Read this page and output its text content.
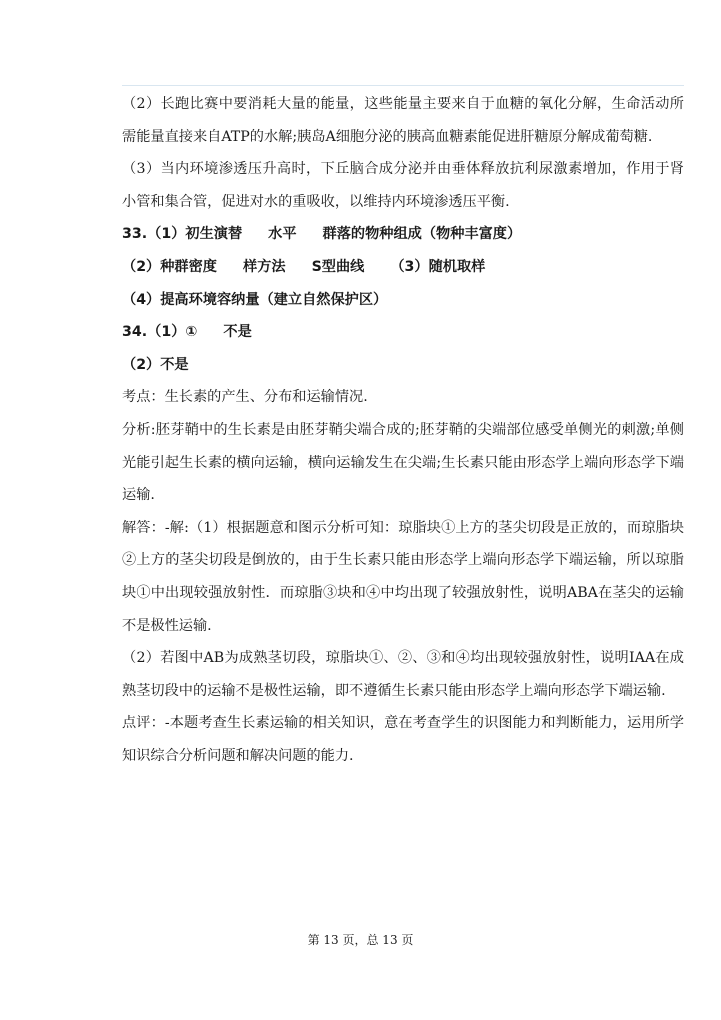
（2）长跑比赛中要消耗大量的能量，这些能量主要来自于血糖的氧化分解，生命活动所需能量直接来自ATP的水解;胰岛A细胞分泌的胰高血糖素能促进肝糖原分解成葡萄糖.

（3）当内环境渗透压升高时，下丘脑合成分泌并由垂体释放抗利尿激素增加，作用于肾小管和集合管，促进对水的重吸收，以维持内环境渗透压平衡.

33.（1）初生演替 水平 群落的物种组成（物种丰富度）

（2）种群密度 样方法 S型曲线 （3）随机取样

（4）提高环境容纳量（建立自然保护区）

34.（1）① 不是

（2）不是

考点：生长素的产生、分布和运输情况.

分析:胚芽鞘中的生长素是由胚芽鞘尖端合成的;胚芽鞘的尖端部位感受单侧光的刺激;单侧光能引起生长素的横向运输，横向运输发生在尖端;生长素只能由形态学上端向形态学下端运输.

解答：-解:（1）根据题意和图示分析可知：琼脂块①上方的茎尖切段是正放的，而琼脂块②上方的茎尖切段是倒放的，由于生长素只能由形态学上端向形态学下端运输，所以琼脂块①中出现较强放射性．而琼脂③块和④中均出现了较强放射性，说明ABA在茎尖的运输不是极性运输.

（2）若图中AB为成熟茎切段，琼脂块①、②、③和④均出现较强放射性，说明IAA在成熟茎切段中的运输不是极性运输，即不遵循生长素只能由形态学上端向形态学下端运输.

点评：-本题考查生长素运输的相关知识，意在考查学生的识图能力和判断能力，运用所学知识综合分析问题和解决问题的能力.

第 13 页，总 13 页
